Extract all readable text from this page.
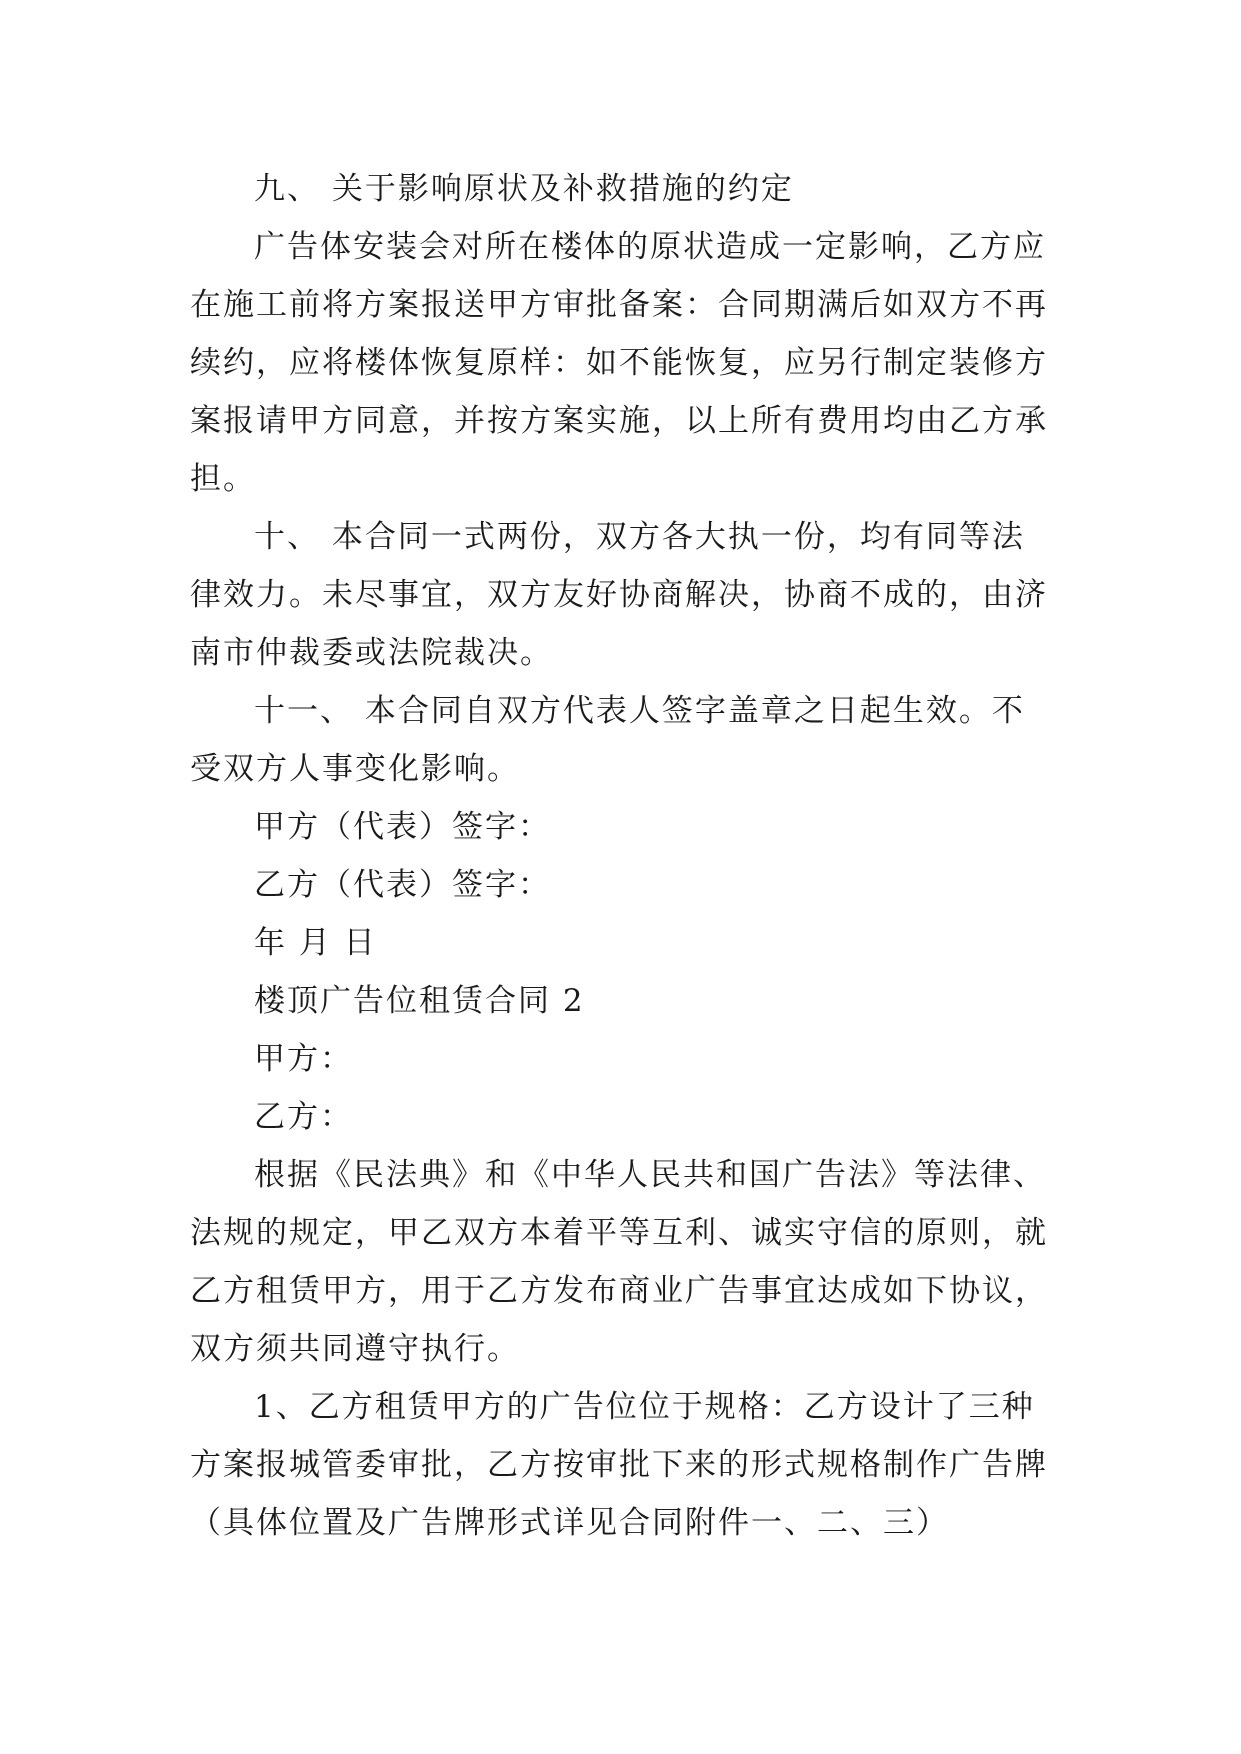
九、 关于影响原状及补救措施的约定
广告体安装会对所在楼体的原状造成一定影响，乙方应
在施工前将方案报送甲方审批备案：合同期满后如双方不再
续约，应将楼体恢复原样：如不能恢复，应另行制定装修方
案报请甲方同意，并按方案实施，以上所有费用均由乙方承
担。
十、 本合同一式两份，双方各大执一份，均有同等法
律效力。未尽事宜，双方友好协商解决，协商不成的，由济
南市仲裁委或法院裁决。
十一、 本合同自双方代表人签字盖章之日起生效。不
受双方人事变化影响。
甲方（代表）签字：
乙方（代表）签字：
年 月 日
楼顶广告位租赁合同 2
甲方：
乙方：
根据《民法典》和《中华人民共和国广告法》等法律、
法规的规定，甲乙双方本着平等互利、诚实守信的原则，就
乙方租赁甲方，用于乙方发布商业广告事宜达成如下协议，
双方须共同遵守执行。
1、乙方租赁甲方的广告位位于规格：乙方设计了三种
方案报城管委审批，乙方按审批下来的形式规格制作广告牌
（具体位置及广告牌形式详见合同附件一、二、三）
